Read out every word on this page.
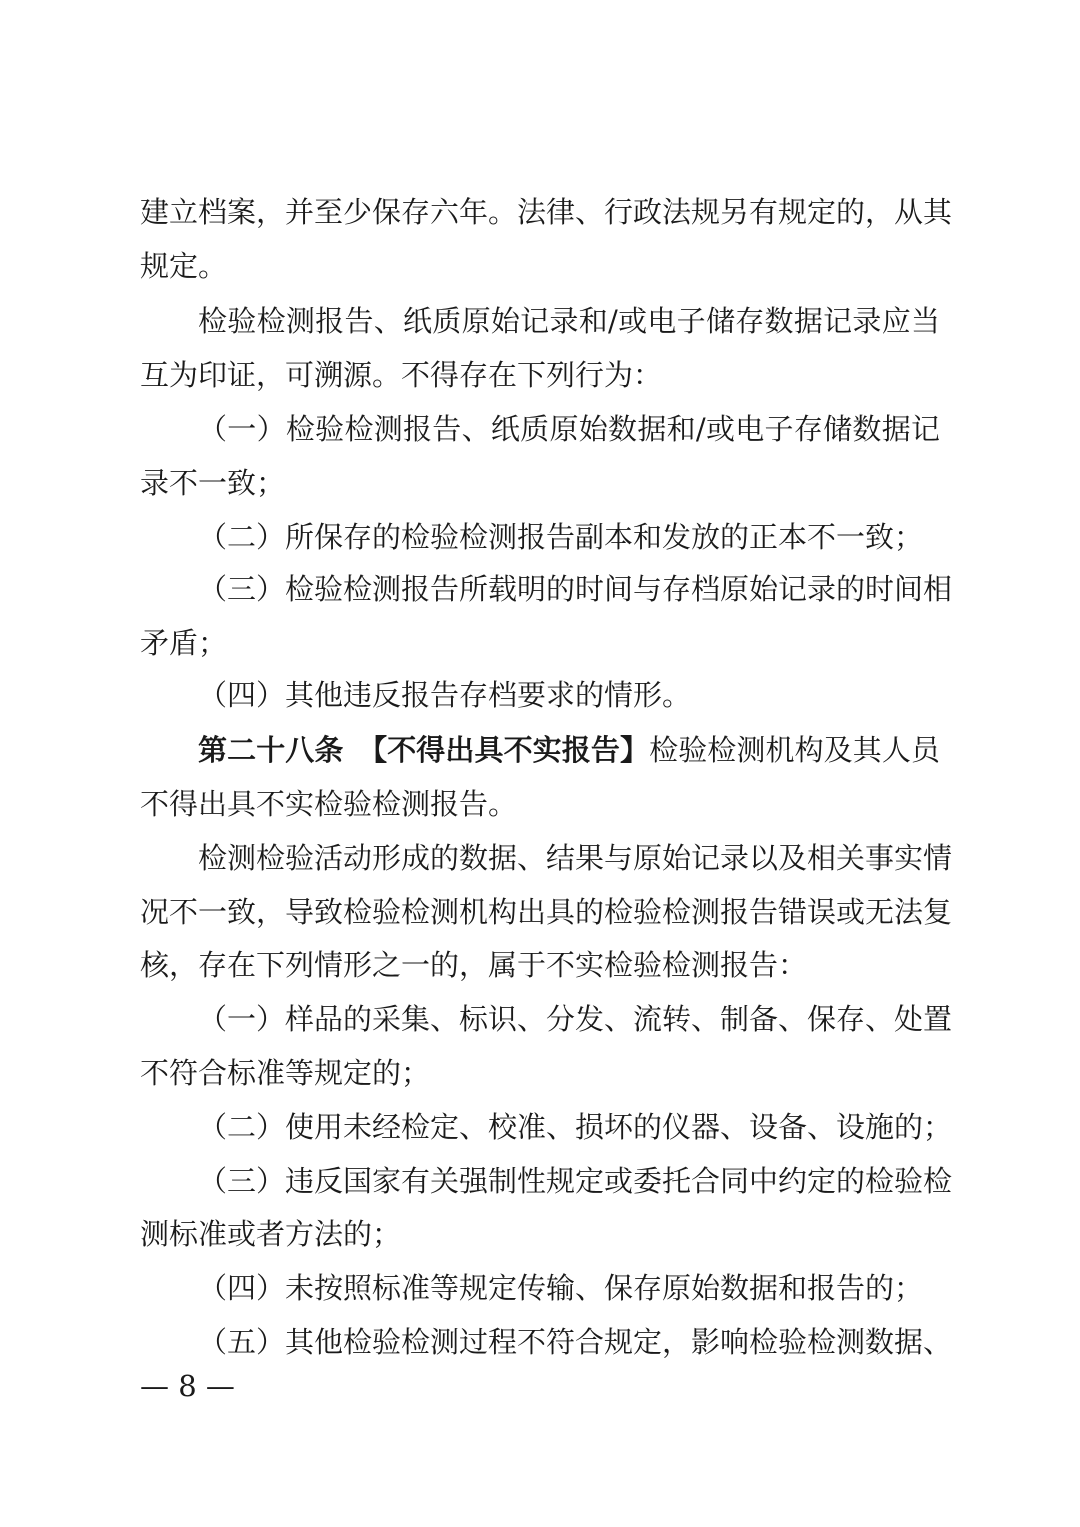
建立档案，并至少保存六年。法律、行政法规另有规定的，从其
规定。
检验检测报告、纸质原始记录和/或电子储存数据记录应当
互为印证，可溯源。不得存在下列行为：
（一）检验检测报告、纸质原始数据和/或电子存储数据记
录不一致；
（二）所保存的检验检测报告副本和发放的正本不一致；
（三）检验检测报告所载明的时间与存档原始记录的时间相
矛盾；
（四）其他违反报告存档要求的情形。
第二十八条　【不得出具不实报告】检验检测机构及其人员
不得出具不实检验检测报告。
检测检验活动形成的数据、结果与原始记录以及相关事实情
况不一致，导致检验检测机构出具的检验检测报告错误或无法复
核，存在下列情形之一的，属于不实检验检测报告：
（一）样品的采集、标识、分发、流转、制备、保存、处置
不符合标准等规定的；
（二）使用未经检定、校准、损坏的仪器、设备、设施的；
（三）违反国家有关强制性规定或委托合同中约定的检验检
测标准或者方法的；
（四）未按照标准等规定传输、保存原始数据和报告的；
（五）其他检验检测过程不符合规定，影响检验检测数据、
— 8 —
